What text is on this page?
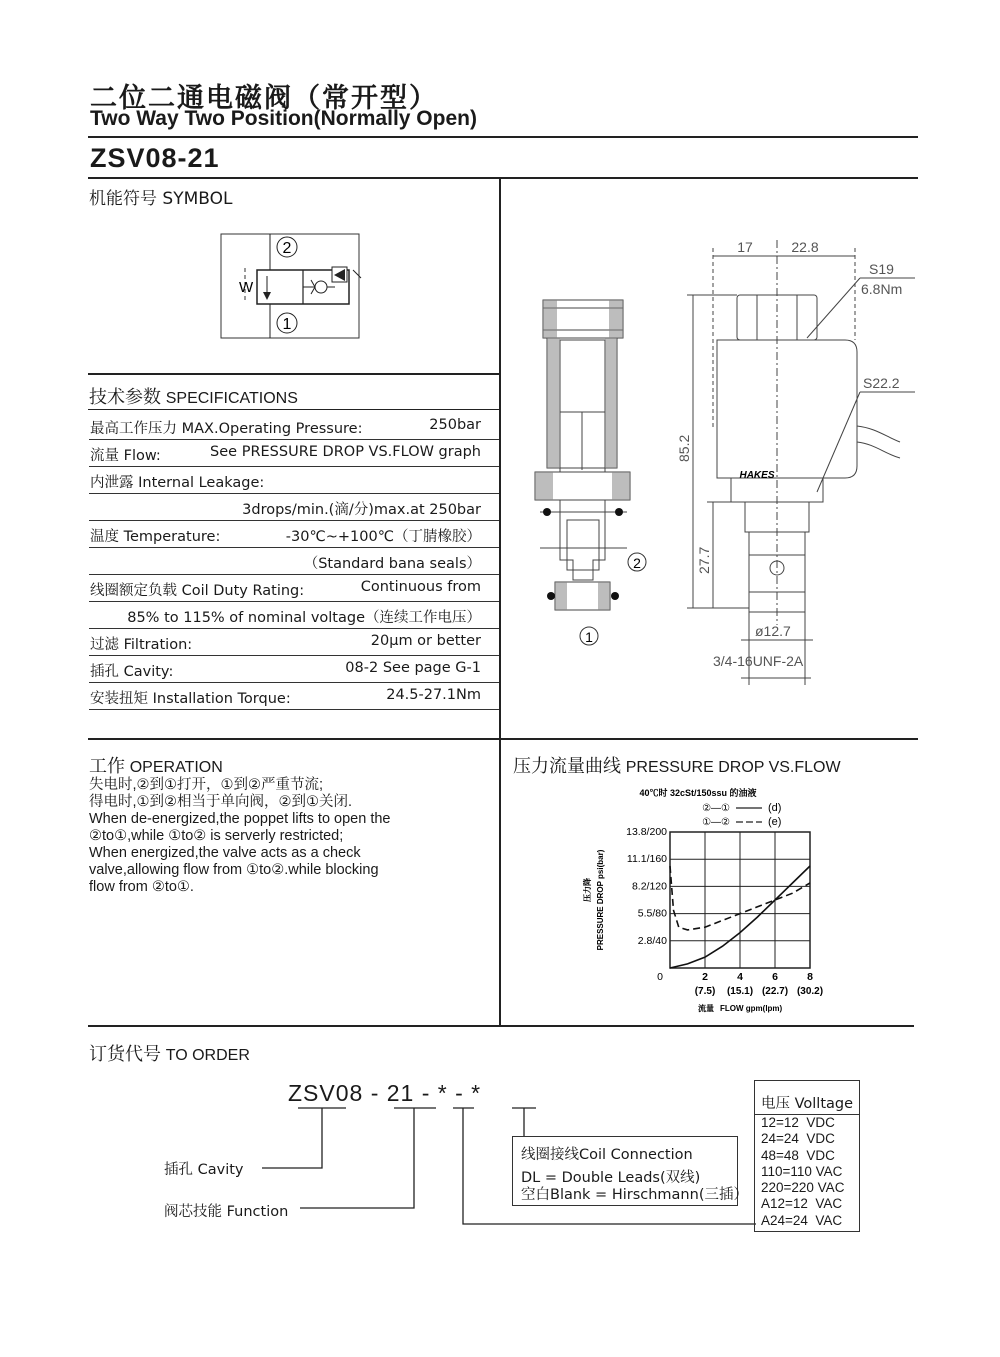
二位二通电磁阀（常开型）
Two Way Two Position(Normally Open)
ZSV08-21
机能符号 SYMBOL
2
1
W
技术参数 SPECIFICATIONS
最高工作压力 MAX.Operating Pressure:	250bar
流量 Flow:	See PRESSURE DROP VS.FLOW graph
内泄露 Internal Leakage:
3drops/min.(滴/分)max.at 250bar
温度 Temperature:	-30℃~+100℃（丁腈橡胶）
（Standard bana seals）
线圈额定负载 Coil Duty Rating:	Continuous from
85% to 115% of nominal voltage（连续工作电压）
过滤 Filtration:	20μm or better
插孔 Cavity:	08-2 See page G-1
安装扭矩 Installation Torque:	24.5-27.1Nm
2
1
HAKES
17	22.8
S19
6.8Nm
S22.2
85.2
27.7
ø12.7
3/4-16UNF-2A
工作 OPERATION
失电时,②到①打开，①到②严重节流;
得电时,①到②相当于单向阀，②到①关闭.
When de-energized,the poppet lifts to open the
②to①,while ①to② is serverly restricted;
When energized,the valve acts as a check
valve,allowing flow from ①to②.while blocking
flow from ②to①.
压力流量曲线 PRESSURE DROP VS.FLOW
40℃时 32cSt/150ssu 的油液
②—①	(d)
①—②	(e)
2.8/40
5.5/80
8.2/120
11.1/160
13.8/200
0	2
(7.5)
4
(15.1)
6
(22.7)
8
(30.2)
流量 FLOW gpm(lpm)
压力降 PRESSURE DROP psi(bar)
订货代号 TO ORDER
ZSV08 - 21 - * - *
插孔 Cavity
阀芯技能 Function
线圈接线Coil Connection
DL = Double Leads(双线)
空白Blank = Hirschmann(三插）
电压 Volltage
12=12  VDC
24=24  VDC
48=48  VDC
110=110 VAC
220=220 VAC
A12=12  VAC
A24=24  VAC
